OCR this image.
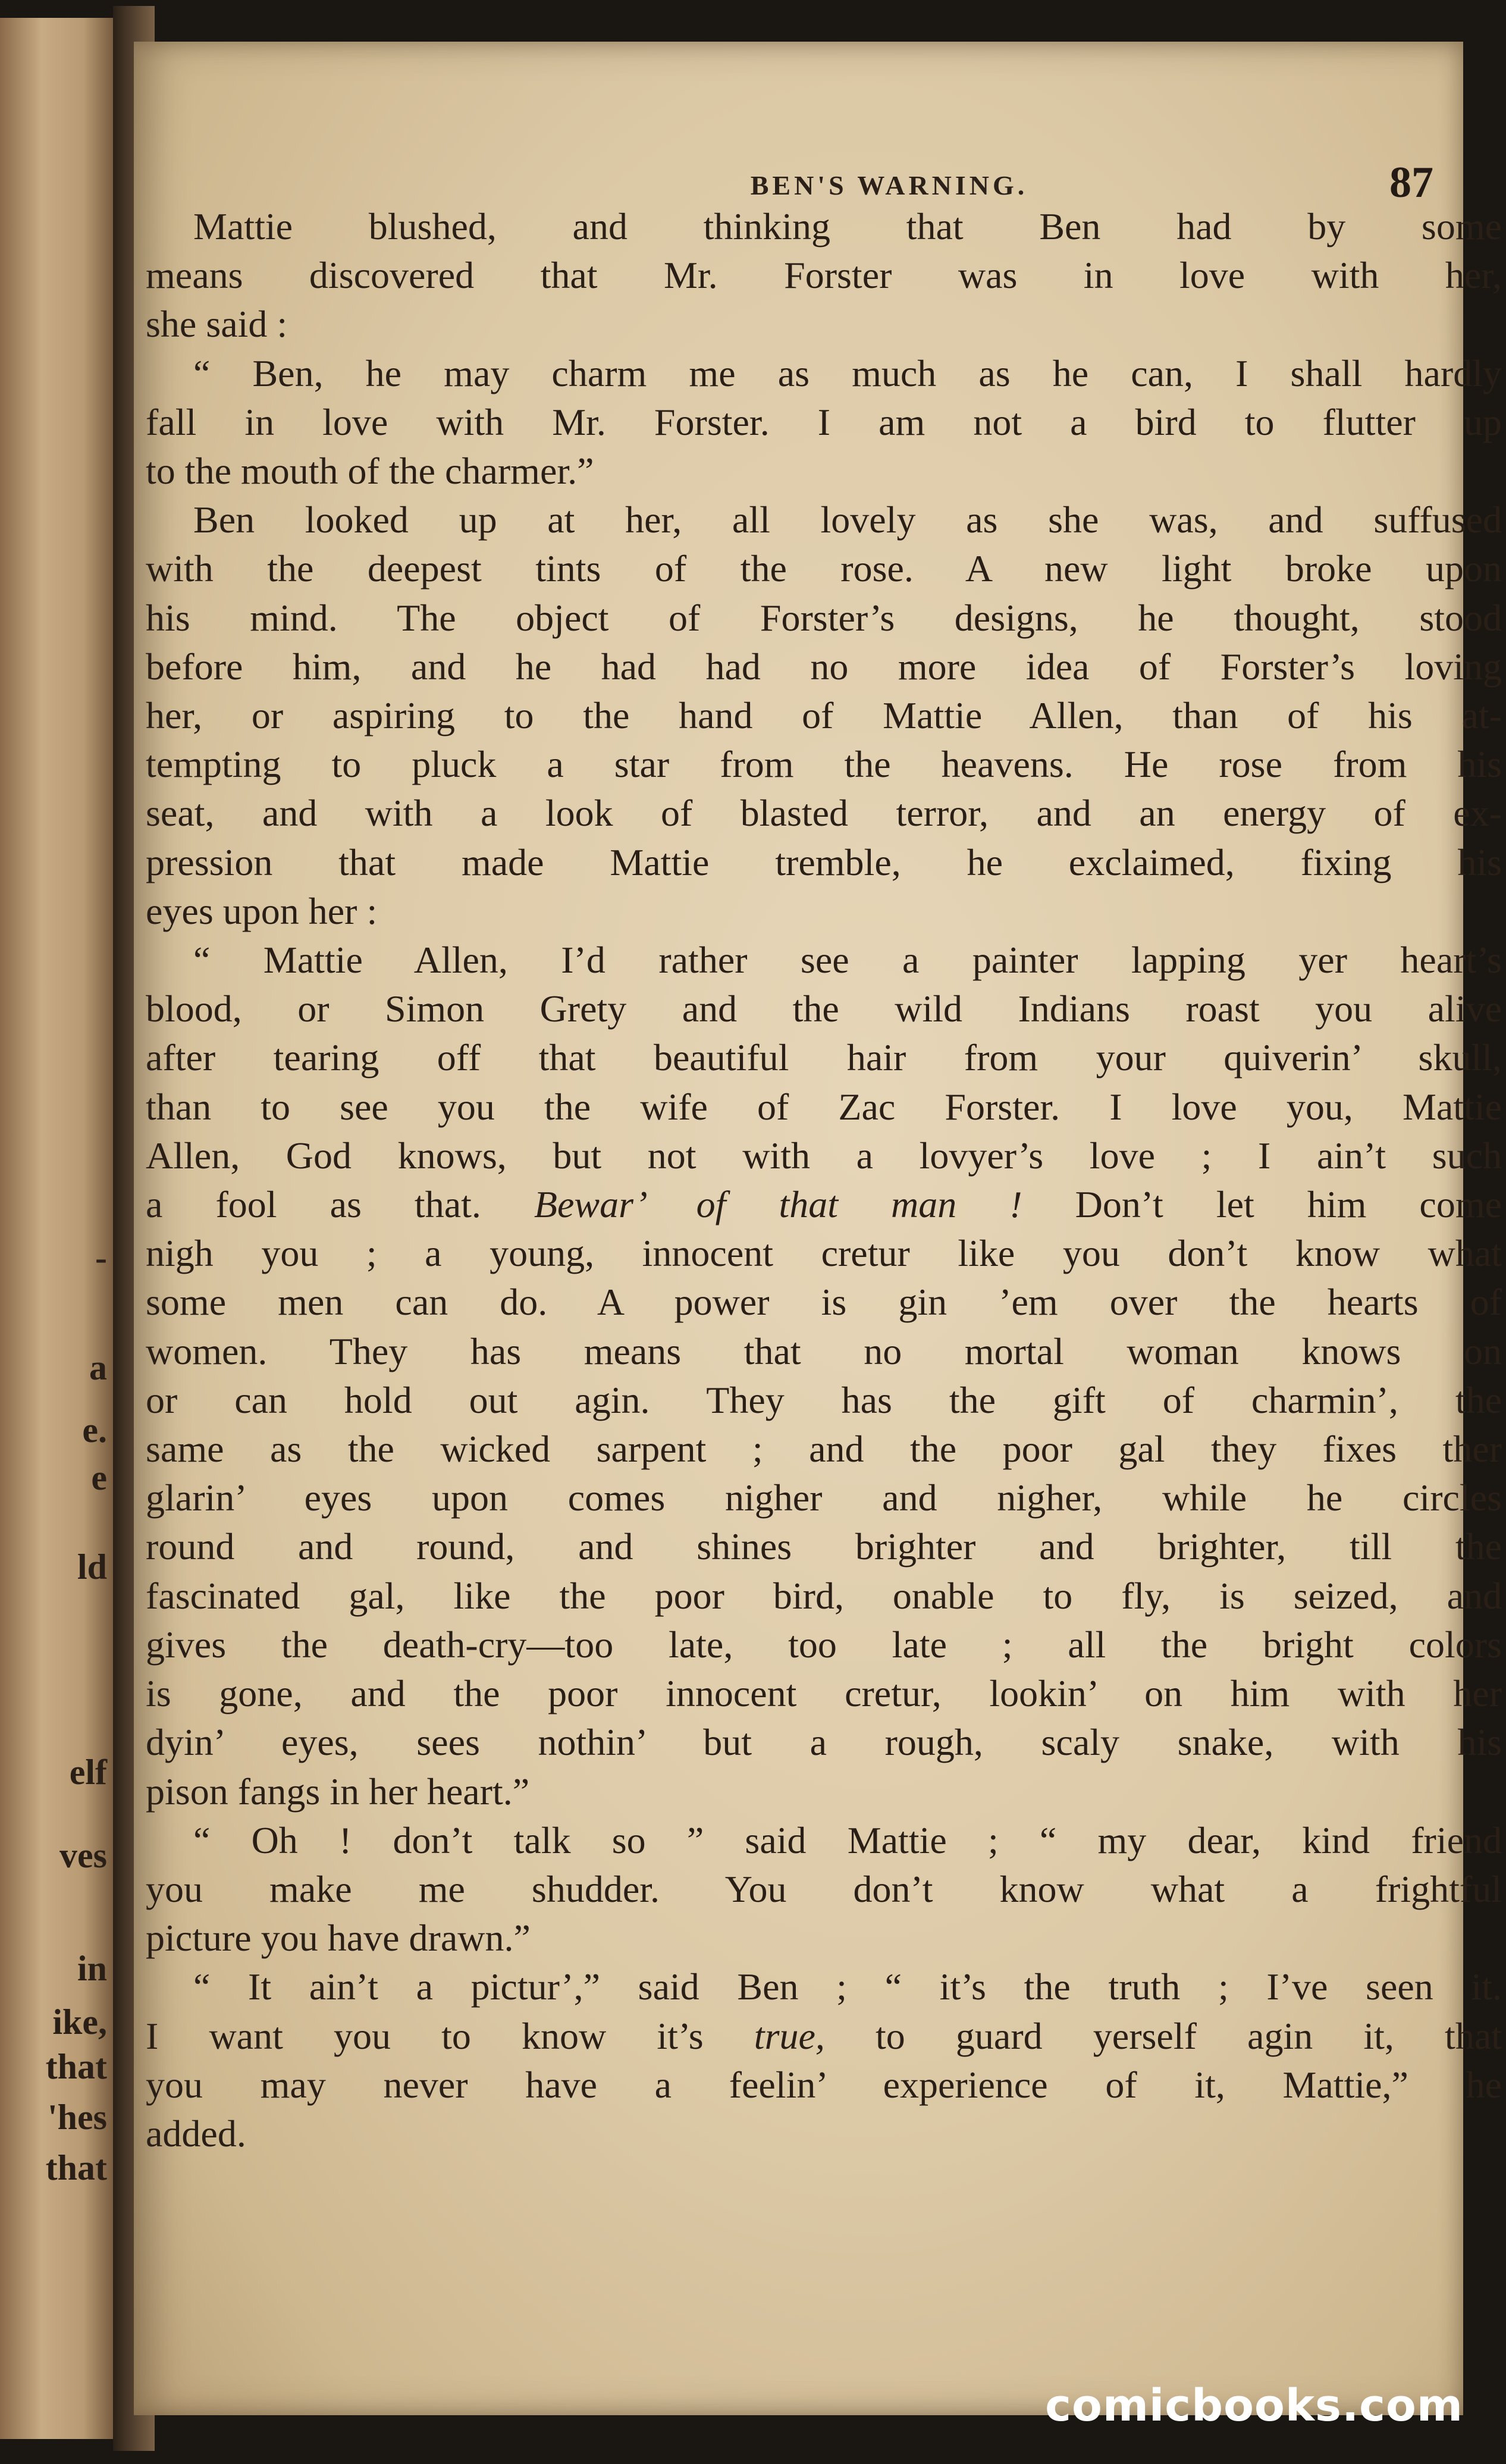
-
a
e.
e
ld
elf
ves
in
ike,
that
'hes
that
BEN'S WARNING.	87
Mattie blushed, and thinking that Ben had by some
means discovered that Mr. Forster was in love with her,
she said :
“ Ben, he may charm me as much as he can, I shall hardly
fall in love with Mr. Forster. I am not a bird to flutter up
to the mouth of the charmer.”
Ben looked up at her, all lovely as she was, and suffused
with the deepest tints of the rose. A new light broke upon
his mind. The object of Forster’s designs, he thought, stood
before him, and he had had no more idea of Forster’s loving
her, or aspiring to the hand of Mattie Allen, than of his at-
tempting to pluck a star from the heavens. He rose from his
seat, and with a look of blasted terror, and an energy of ex-
pression that made Mattie tremble, he exclaimed, fixing his
eyes upon her :
“ Mattie Allen, I’d rather see a painter lapping yer heart’s
blood, or Simon Grety and the wild Indians roast you alive
after tearing off that beautiful hair from your quiverin’ skull,
than to see you the wife of Zac Forster. I love you, Mattie
Allen, God knows, but not with a lovyer’s love ; I ain’t such
a fool as that. Bewar’ of that man ! Don’t let him come
nigh you ; a young, innocent cretur like you don’t know what
some men can do. A power is gin ’em over the hearts of
women. They has means that no mortal woman knows on
or can hold out agin. They has the gift of charmin’, the
same as the wicked sarpent ; and the poor gal they fixes ther
glarin’ eyes upon comes nigher and nigher, while he circles
round and round, and shines brighter and brighter, till the
fascinated gal, like the poor bird, onable to fly, is seized, and
gives the death-cry—too late, too late ; all the bright colors
is gone, and the poor innocent cretur, lookin’ on him with her
dyin’ eyes, sees nothin’ but a rough, scaly snake, with his
pison fangs in her heart.”
“ Oh ! don’t talk so ” said Mattie ; “ my dear, kind friend
you make me shudder. You don’t know what a frightful
picture you have drawn.”
“ It ain’t a pictur’,” said Ben ; “ it’s the truth ; I’ve seen it.
I want you to know it’s true, to guard yerself agin it, that
you may never have a feelin’ experience of it, Mattie,” he
added.
comicbooks.com
